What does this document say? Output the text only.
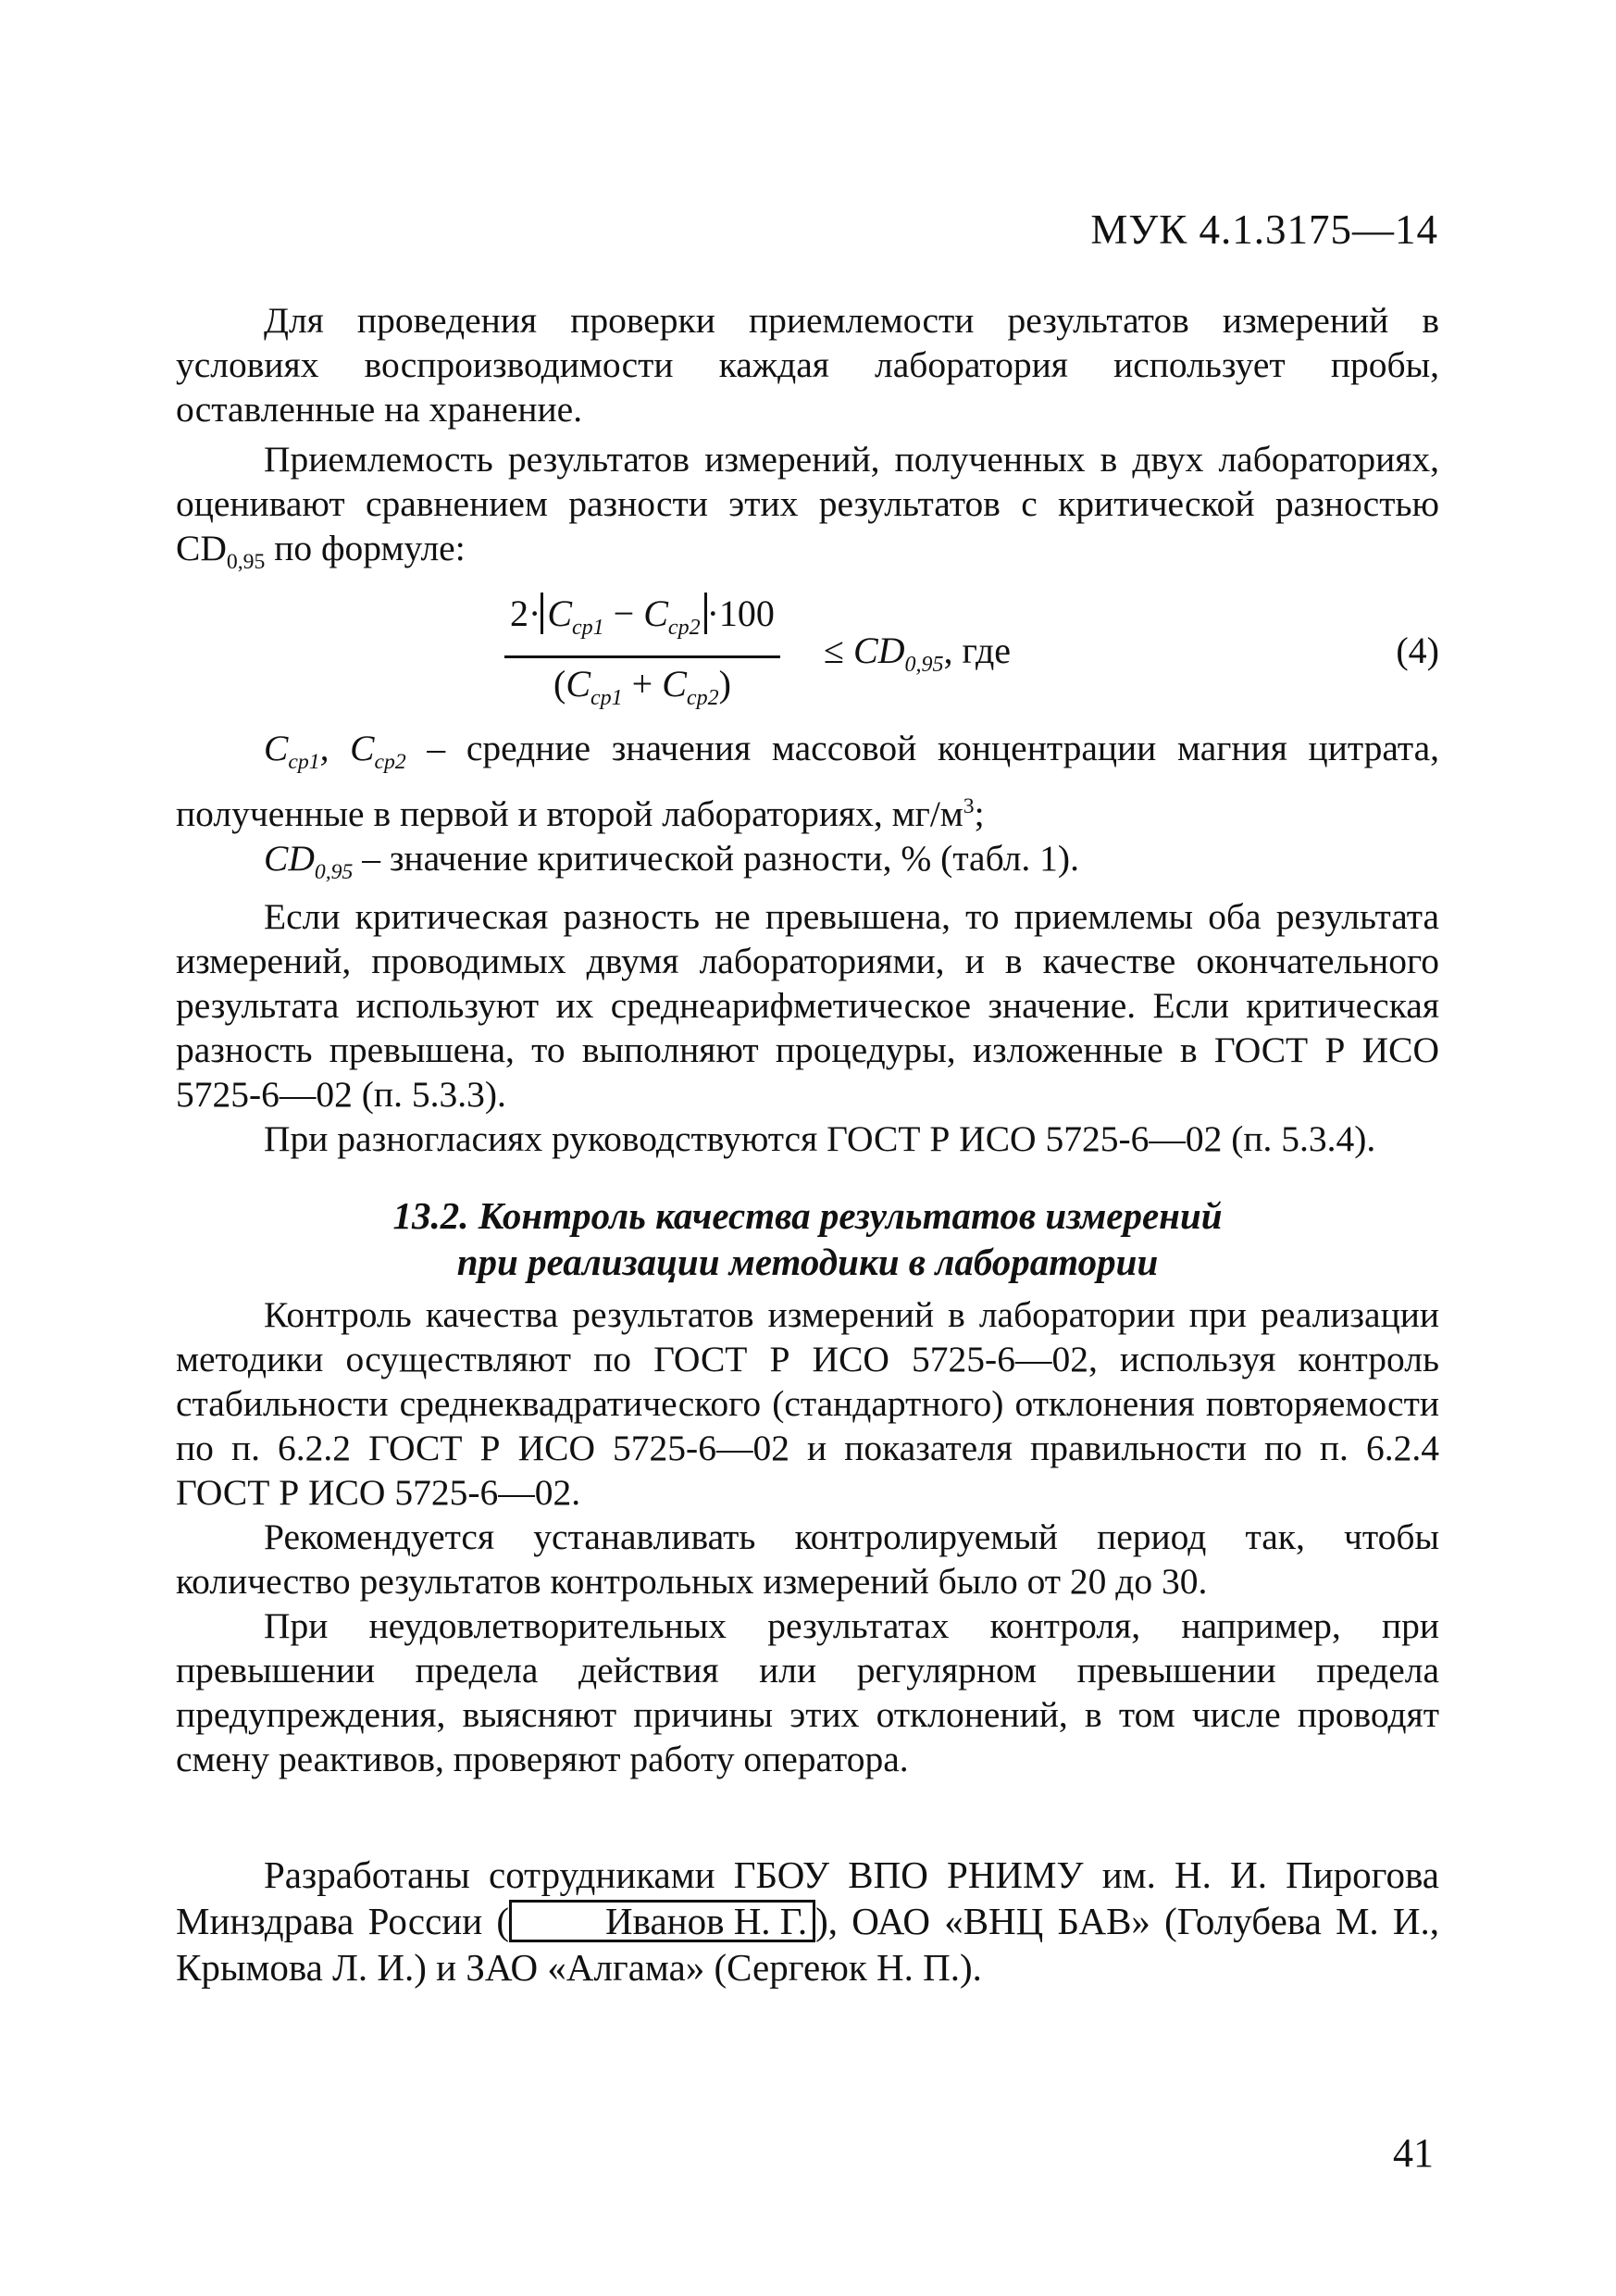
МУК 4.1.3175—14

Для проведения проверки приемлемости результатов измерений в условиях воспроизводимости каждая лаборатория использует пробы, оставленные на хранение.

Приемлемость результатов измерений, полученных в двух лабораториях, оценивают сравнением разности этих результатов с критической разностью $CD_{0,95}$ по формуле:

$2\cdot C_{ср1} - C_{ср2} \cdot 100$
$(C_{ср1} + C_{ср2})$
≤ $CD_{0,95}$, где	(4)

$C_{ср1}$, $C_{ср2}$ – средние значения массовой концентрации магния цитрата, полученные в первой и второй лабораториях, $мг/м^3$;

$CD_{0,95}$ – значение критической разности, % (табл. 1).

Если критическая разность не превышена, то приемлемы оба результата измерений, проводимых двумя лабораториями, и в качестве окончательного результата используют их среднеарифметическое значение. Если критическая разность превышена, то выполняют процедуры, изложенные в ГОСТ Р ИСО 5725-6—02 (п. 5.3.3).

При разногласиях руководствуются ГОСТ Р ИСО 5725-6—02 (п. 5.3.4).

13.2. Контроль качества результатов измерений
при реализации методики в лаборатории

Контроль качества результатов измерений в лаборатории при реализации методики осуществляют по ГОСТ Р ИСО 5725-6—02, используя контроль стабильности среднеквадратического (стандартного) отклонения повторяемости по п. 6.2.2 ГОСТ Р ИСО 5725-6—02 и показателя правильности по п. 6.2.4 ГОСТ Р ИСО 5725-6—02.

Рекомендуется устанавливать контролируемый период так, чтобы количество результатов контрольных измерений было от 20 до 30.

При неудовлетворительных результатах контроля, например, при превышении предела действия или регулярном превышении предела предупреждения, выясняют причины этих отклонений, в том числе проводят смену реактивов, проверяют работу оператора.

Разработаны сотрудниками ГБОУ ВПО РНИМУ им. Н. И. Пирогова Минздрава России (	Иванов Н. Г. ), ОАО «ВНЦ БАВ» (Голубева М. И., Крымова Л. И.) и ЗАО «Алгама» (Сергеюк Н. П.).

41
